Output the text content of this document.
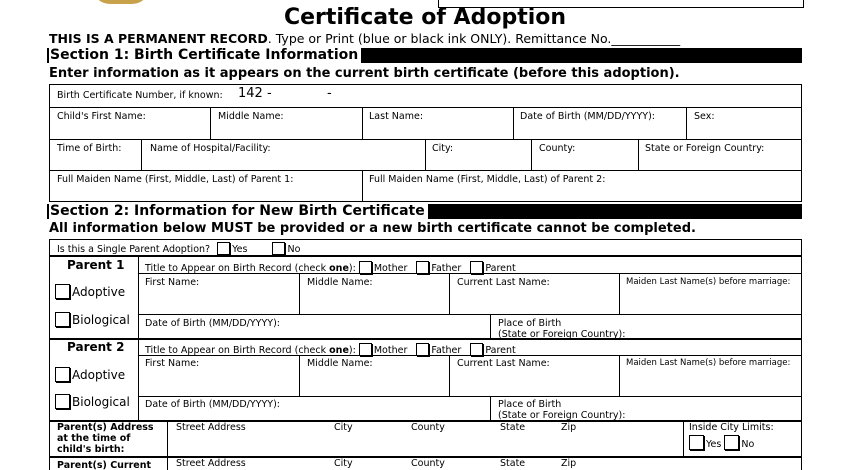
Certificate of Adoption
THIS IS A PERMANENT RECORD. Type or Print (blue or black ink ONLY). Remittance No.___________
Section 1: Birth Certificate Information
Enter information as it appears on the current birth certificate (before this adoption).
Birth Certificate Number, if known: 142 -	-
Child's First Name:	Middle Name:	Last Name:	Date of Birth (MM/DD/YYYY):	Sex:
Time of Birth:	Name of Hospital/Facility:	City:	County:	State or Foreign Country:
Full Maiden Name (First, Middle, Last) of Parent 1:	Full Maiden Name (First, Middle, Last) of Parent 2:
Section 2: Information for New Birth Certificate
All information below MUST be provided or a new birth certificate cannot be completed.
Is this a Single Parent Adoption? Yes	No
Parent 1
Adoptive
Biological
Title to Appear on Birth Record (check one): Mother	Father	Parent
First Name:	Middle Name:	Current Last Name:	Maiden Last Name(s) before marriage:
Date of Birth (MM/DD/YYYY):	Place of Birth
(State or Foreign Country):
Parent 2
Adoptive
Biological
Title to Appear on Birth Record (check one): Mother	Father	Parent
First Name:	Middle Name:	Current Last Name:	Maiden Last Name(s) before marriage:
Date of Birth (MM/DD/YYYY):	Place of Birth
(State or Foreign Country):
Parent(s) Address
at the time of
child's birth:
Street Address	City	County	State	Zip	Inside City Limits:
Yes No
Parent(s) Current	Street Address	City	County	State	Zip
